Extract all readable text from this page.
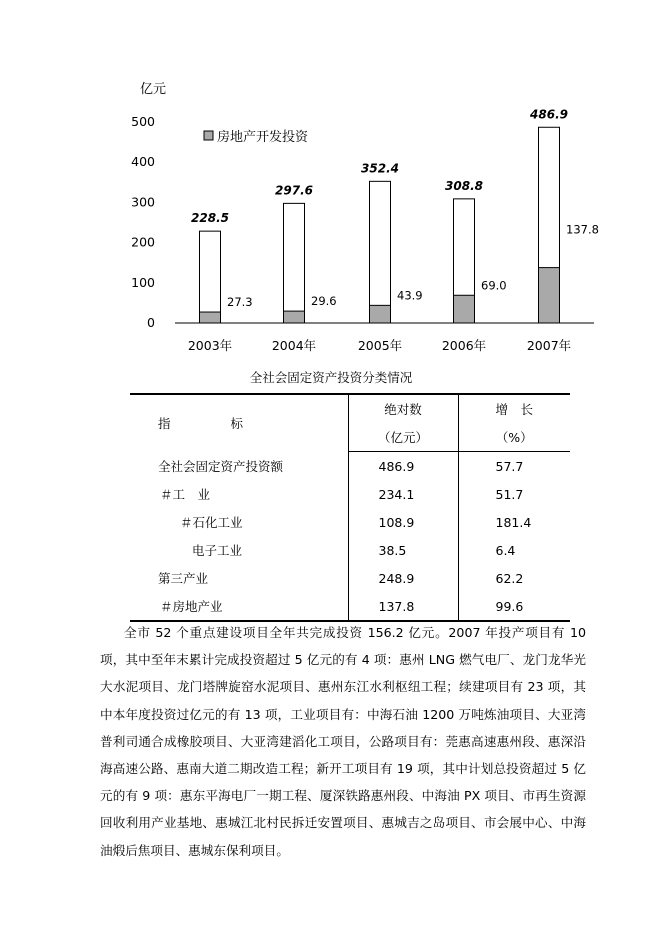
亿元
0
100
200
300
400
500
228.5
27.3
2003年
297.6
29.6
2004年
352.4
43.9
2005年
308.8
69.0
2006年
486.9
137.8
2007年
房地产开发投资
全社会固定资产投资分类情况
指 标	绝对数	增　长
	（亿元）	（%）
全社会固定资产投资额	486.9	57.7
＃工　业	234.1	51.7
＃石化工业	108.9	181.4
电子工业	38.5	6.4
第三产业	248.9	62.2
＃房地产业	137.8	99.6
全市 52 个重点建设项目全年共完成投资 156.2 亿元。2007 年投产项目有 10 项，其中至年末累计完成投资超过 5 亿元的有 4 项：惠州 LNG 燃气电厂、龙门龙华光大水泥项目、龙门塔牌旋窑水泥项目、惠州东江水利枢纽工程；续建项目有 23 项，其中本年度投资过亿元的有 13 项，工业项目有：中海石油 1200 万吨炼油项目、大亚湾普利司通合成橡胶项目、大亚湾建滔化工项目，公路项目有：莞惠高速惠州段、惠深沿海高速公路、惠南大道二期改造工程；新开工项目有 19 项，其中计划总投资超过 5 亿元的有 9 项：惠东平海电厂一期工程、厦深铁路惠州段、中海油 PX 项目、市再生资源回收利用产业基地、惠城江北村民拆迁安置项目、惠城吉之岛项目、市会展中心、中海油煅后焦项目、惠城东保利项目。
